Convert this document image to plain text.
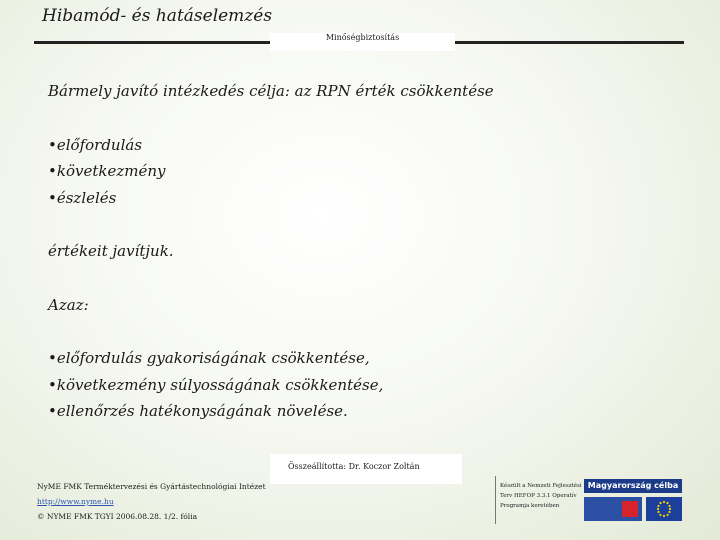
Hibamód- és hatáselemzés
Minőségbiztosítás

Bármely javító intézkedés célja: az RPN érték csökkentése

•előfordulás

•következmény

•észlelés

értékeit javítjuk.

Azaz:

•előfordulás gyakoriságának csökkentése,

•következmény súlyosságának csökkentése,

•ellenőrzés hatékonyságának növelése.

Összeállította: Dr. Koczor Zoltán
NyME FMK Terméktervezési és Gyártástechnológiai Intézet
http://www.nyme.hu
© NYME FMK TGYI 2006.08.28. 1/2. fólia
Készült a Nemzeti Fejlesztési Terv HEFOP 3.3.1 Operatív Programja keretében
Magyarország célba
